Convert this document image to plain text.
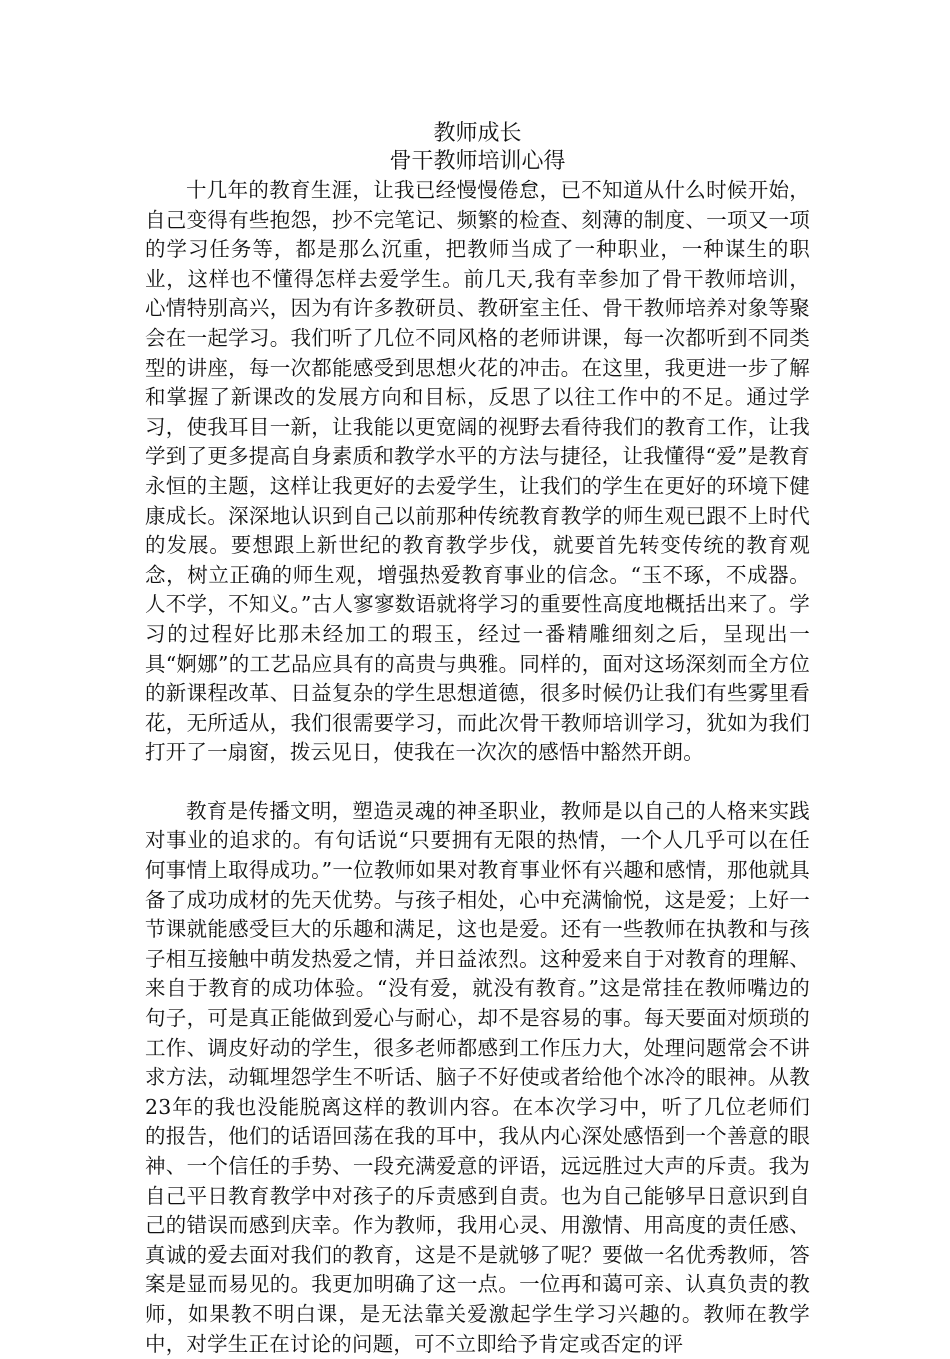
教师成长
骨干教师培训心得

十几年的教育生涯，让我已经慢慢倦怠，已不知道从什么时候开始，自己变得有些抱怨，抄不完笔记、频繁的检查、刻薄的制度、一项又一项的学习任务等，都是那么沉重，把教师当成了一种职业，一种谋生的职业，这样也不懂得怎样去爱学生。前几天,我有幸参加了骨干教师培训，心情特别高兴，因为有许多教研员、教研室主任、骨干教师培养对象等聚会在一起学习。我们听了几位不同风格的老师讲课，每一次都听到不同类型的讲座，每一次都能感受到思想火花的冲击。在这里，我更进一步了解和掌握了新课改的发展方向和目标，反思了以往工作中的不足。通过学习，使我耳目一新，让我能以更宽阔的视野去看待我们的教育工作，让我学到了更多提高自身素质和教学水平的方法与捷径，让我懂得“爱”是教育永恒的主题，这样让我更好的去爱学生，让我们的学生在更好的环境下健康成长。深深地认识到自己以前那种传统教育教学的师生观已跟不上时代的发展。要想跟上新世纪的教育教学步伐，就要首先转变传统的教育观念，树立正确的师生观，增强热爱教育事业的信念。“玉不琢，不成器。人不学，不知义。”古人寥寥数语就将学习的重要性高度地概括出来了。学习的过程好比那未经加工的瑕玉，经过一番精雕细刻之后，呈现出一具“婀娜”的工艺品应具有的高贵与典雅。同样的，面对这场深刻而全方位的新课程改革、日益复杂的学生思想道德，很多时候仍让我们有些雾里看花，无所适从，我们很需要学习，而此次骨干教师培训学习，犹如为我们打开了一扇窗，拨云见日，使我在一次次的感悟中豁然开朗。

教育是传播文明，塑造灵魂的神圣职业，教师是以自己的人格来实践对事业的追求的。有句话说“只要拥有无限的热情，一个人几乎可以在任何事情上取得成功。”一位教师如果对教育事业怀有兴趣和感情，那他就具备了成功成材的先天优势。与孩子相处，心中充满愉悦，这是爱；上好一节课就能感受巨大的乐趣和满足，这也是爱。还有一些教师在执教和与孩子相互接触中萌发热爱之情，并日益浓烈。这种爱来自于对教育的理解、来自于教育的成功体验。“没有爱，就没有教育。”这是常挂在教师嘴边的句子，可是真正能做到爱心与耐心，却不是容易的事。每天要面对烦琐的工作、调皮好动的学生，很多老师都感到工作压力大，处理问题常会不讲求方法，动辄埋怨学生不听话、脑子不好使或者给他个冰冷的眼神。从教23年的我也没能脱离这样的教训内容。在本次学习中，听了几位老师们的报告，他们的话语回荡在我的耳中，我从内心深处感悟到一个善意的眼神、一个信任的手势、一段充满爱意的评语，远远胜过大声的斥责。我为自己平日教育教学中对孩子的斥责感到自责。也为自己能够早日意识到自己的错误而感到庆幸。作为教师，我用心灵、用激情、用高度的责任感、真诚的爱去面对我们的教育，这是不是就够了呢？要做一名优秀教师，答案是显而易见的。我更加明确了这一点。一位再和蔼可亲、认真负责的教师，如果教不明白课，是无法靠关爱激起学生学习兴趣的。教师在教学中，对学生正在讨论的问题，可不立即给予肯定或否定的评
